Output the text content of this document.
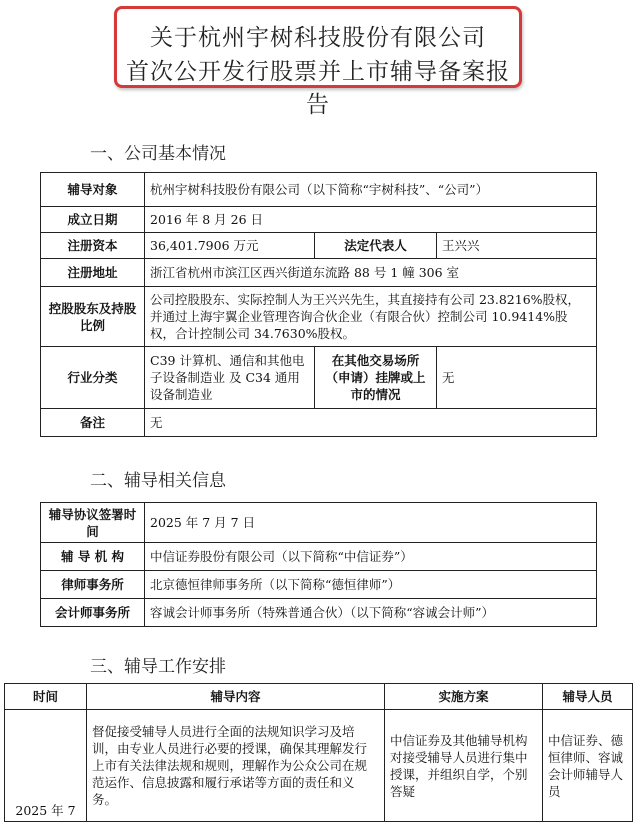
关于杭州宇树科技股份有限公司
首次公开发行股票并上市辅导备案报告
一、公司基本情况
辅导对象	杭州宇树科技股份有限公司（以下简称“宇树科技”、“公司”）		
成立日期	2016 年 8 月 26 日		
注册资本	36,401.7906 万元	法定代表人	王兴兴
注册地址	浙江省杭州市滨江区西兴街道东流路 88 号 1 幢 306 室		
控股股东及持股比例	公司控股股东、实际控制人为王兴兴先生，其直接持有公司 23.8216%股权，并通过上海宇翼企业管理咨询合伙企业（有限合伙）控制公司 10.9414%股权，合计控制公司 34.7630%股权。		
行业分类	C39 计算机、通信和其他电子设备制造业 及 C34 通用设备制造业	在其他交易场所（申请）挂牌或上市的情况	无
备注	无		
二、辅导相关信息
辅导协议签署时间	2025 年 7 月 7 日
辅 导 机 构	中信证券股份有限公司（以下简称“中信证券”）
律师事务所	北京德恒律师事务所（以下简称“德恒律师”）
会计师事务所	容诚会计师事务所（特殊普通合伙）（以下简称“容诚会计师”）
三、辅导工作安排
时间	辅导内容	实施方案	辅导人员
2025 年 7	督促接受辅导人员进行全面的法规知识学习及培训，由专业人员进行必要的授课，确保其理解发行上市有关法律法规和规则，理解作为公众公司在规范运作、信息披露和履行承诺等方面的责任和义务。	中信证券及其他辅导机构对接受辅导人员进行集中授课，并组织自学，个别答疑	中信证券、德恒律师、容诚会计师辅导人员
